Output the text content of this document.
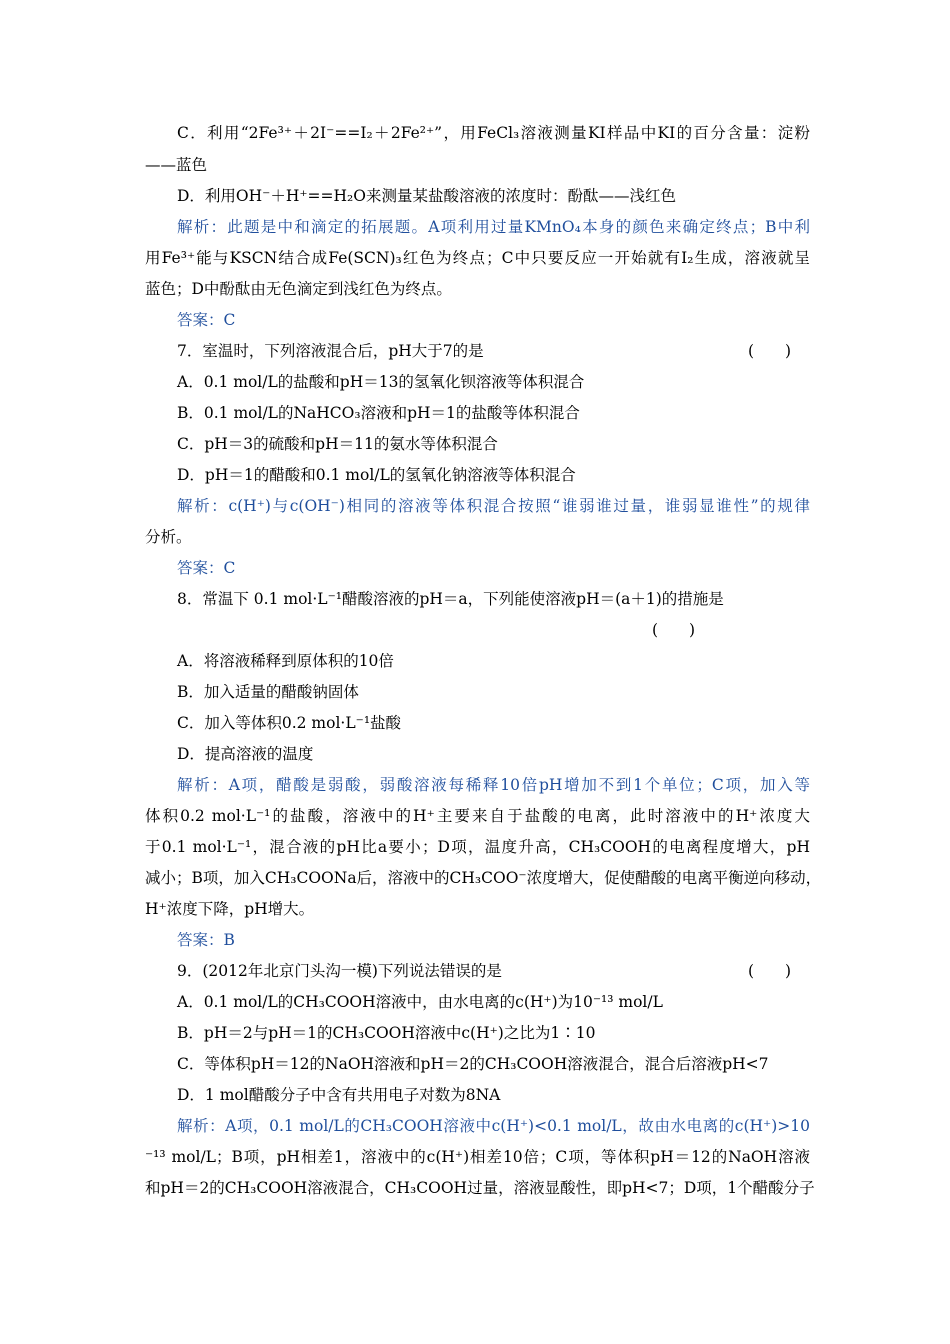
C．利用“2Fe³⁺＋2I⁻==I₂＋2Fe²⁺”，用FeCl₃溶液测量KI样品中KI的百分含量：淀粉
——蓝色
D．利用OH⁻＋H⁺==H₂O来测量某盐酸溶液的浓度时：酚酞——浅红色
解析：此题是中和滴定的拓展题。A项利用过量KMnO₄本身的颜色来确定终点；B中利
用Fe³⁺能与KSCN结合成Fe(SCN)₃红色为终点；C中只要反应一开始就有I₂生成，溶液就呈
蓝色；D中酚酞由无色滴定到浅红色为终点。
答案：C
7．室温时，下列溶液混合后，pH大于7的是	(　　)
A．0.1 mol/L的盐酸和pH＝13的氢氧化钡溶液等体积混合
B．0.1 mol/L的NaHCO₃溶液和pH＝1的盐酸等体积混合
C．pH＝3的硫酸和pH＝11的氨水等体积混合
D．pH＝1的醋酸和0.1 mol/L的氢氧化钠溶液等体积混合
解析：c(H⁺)与c(OH⁻)相同的溶液等体积混合按照“谁弱谁过量，谁弱显谁性”的规律
分析。
答案：C
8．常温下 0.1 mol·L⁻¹醋酸溶液的pH＝a，下列能使溶液pH＝(a＋1)的措施是
(　　)
A．将溶液稀释到原体积的10倍
B．加入适量的醋酸钠固体
C．加入等体积0.2 mol·L⁻¹盐酸
D．提高溶液的温度
解析：A项，醋酸是弱酸，弱酸溶液每稀释10倍pH增加不到1个单位；C项，加入等
体积0.2 mol·L⁻¹的盐酸，溶液中的H⁺主要来自于盐酸的电离，此时溶液中的H⁺浓度大
于0.1 mol·L⁻¹，混合液的pH比a要小；D项，温度升高，CH₃COOH的电离程度增大，pH
减小；B项，加入CH₃COONa后，溶液中的CH₃COO⁻浓度增大，促使醋酸的电离平衡逆向移动，
H⁺浓度下降，pH增大。
答案：B
9．(2012年北京门头沟一模)下列说法错误的是	(　　)
A．0.1 mol/L的CH₃COOH溶液中，由水电离的c(H⁺)为10⁻¹³ mol/L
B．pH＝2与pH＝1的CH₃COOH溶液中c(H⁺)之比为1∶10
C．等体积pH＝12的NaOH溶液和pH＝2的CH₃COOH溶液混合，混合后溶液pH<7
D．1 mol醋酸分子中含有共用电子对数为8NA
解析：A项，0.1 mol/L的CH₃COOH溶液中c(H⁺)<0.1 mol/L，故由水电离的c(H⁺)>10
⁻¹³ mol/L；B项，pH相差1，溶液中的c(H⁺)相差10倍；C项，等体积pH＝12的NaOH溶液
和pH＝2的CH₃COOH溶液混合，CH₃COOH过量，溶液显酸性，即pH<7；D项，1个醋酸分子
